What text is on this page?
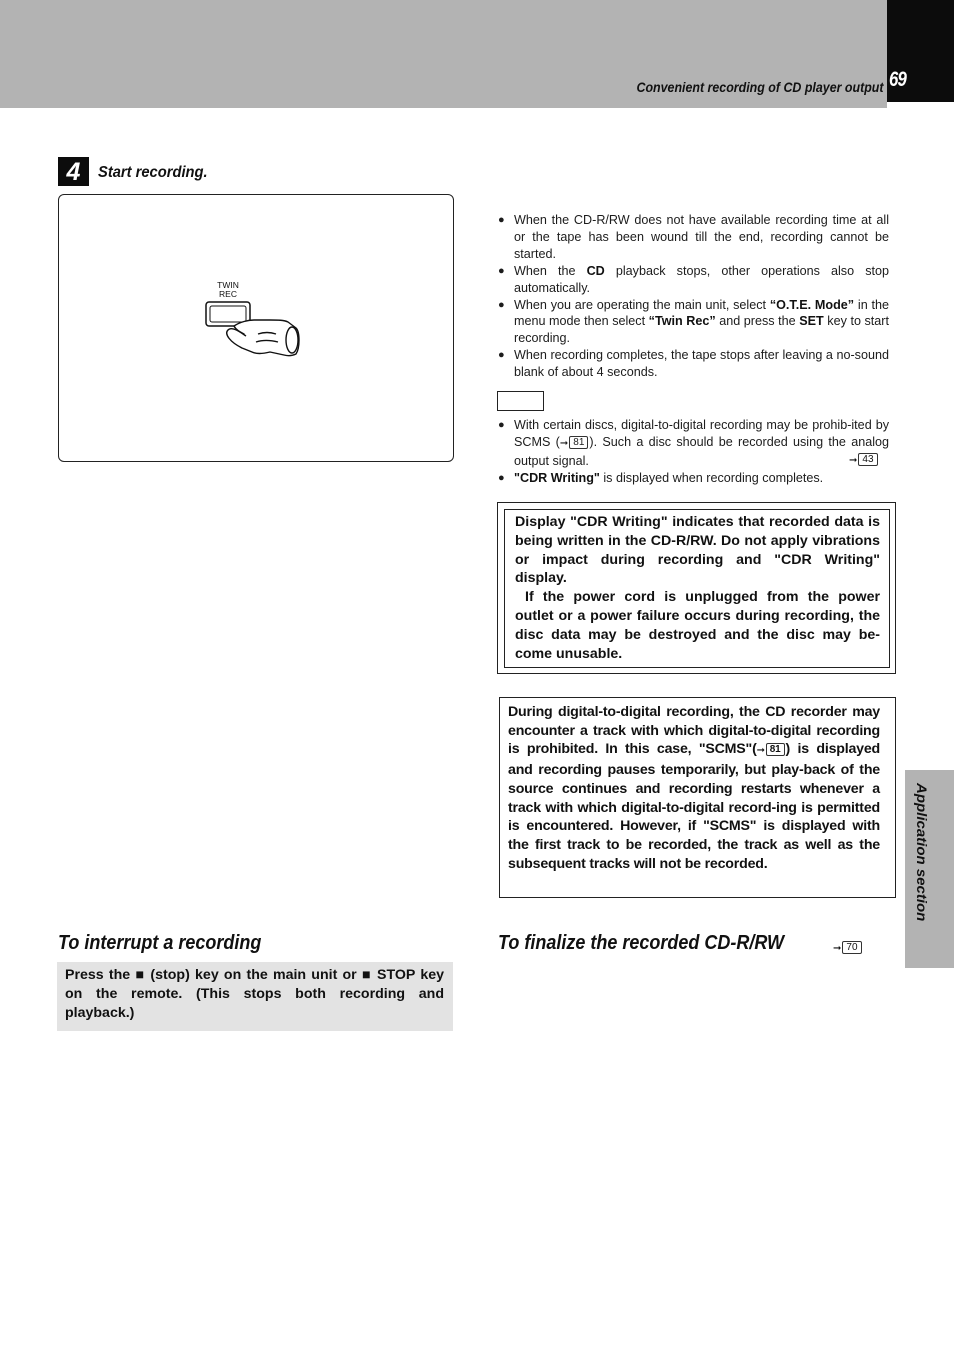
69
Convenient recording of CD player output
Application section
4	Start recording.
TWIN
REC
● When the CD-R/RW does not have available recording time at all or the tape has been wound till the end, recording cannot be started.
● When the CD playback stops, other operations also stop automatically.
● When you are operating the main unit, select “O.T.E. Mode” in the menu mode then select “Twin Rec” and press the SET key to start recording.
● When recording completes, the tape stops after leaving a no-sound blank of about 4 seconds.
● With certain discs, digital-to-digital recording may be prohib-ited by SCMS (➞ 81 ). Such a disc should be recorded using the analog output signal.
● "CDR Writing" is displayed when recording completes.
➞ 43

Display "CDR Writing" indicates that recorded data is being written in the CD-R/RW. Do not apply vibrations or impact during recording and "CDR Writing" display.

If the power cord is unplugged from the power outlet or a power failure occurs during recording, the disc data may be destroyed and the disc may be-come unusable.

During digital-to-digital recording, the CD recorder may encounter a track with which digital-to-digital recording is prohibited. In this case, "SCMS"(➞ 81 ) is displayed and recording pauses temporarily, but play-back of the source continues and recording restarts whenever a track with which digital-to-digital record-ing is permitted is encountered. However, if "SCMS" is displayed with the first track to be recorded, the track as well as the subsequent tracks will not be recorded.
To interrupt a recording
Press the ■ (stop) key on the main unit or ■ STOP key on the remote. (This stops both recording and playback.)
To finalize the recorded CD-R/RW	➞ 70
